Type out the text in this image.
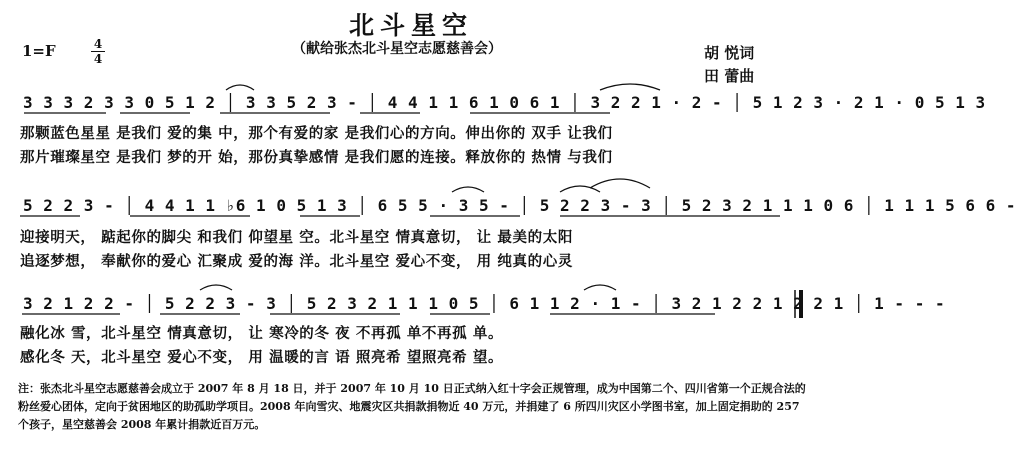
北斗星空
（献给张杰北斗星空志愿慈善会）
1=F	4
4	胡 悦词
田 蕾曲
3 3 3 2 3 3 0 5 1 2 │ 3 3 5 2 3 - │ 4 4 1 1 6 1 0 6 1 │ 3 2 2 1 · 2 - │ 5 1 2 3 · 2 1 · 0 5 1 3
那颗蓝色星星 是我们 爱的集 中，那个有爱的家 是我们心的方向。伸出你的 双手 让我们
那片璀璨星空 是我们 梦的开 始，那份真挚感情 是我们愿的连接。释放你的 热情 与我们
5 2 2 3 - │ 4 4 1 1 ♭6 1 0 5 1 3 │ 6 5 5 · 3 5 - │ 5 2 2 3 - 3 │ 5 2 3 2 1 1 1 0 6 │ 1 1 1 5 6 6 -
迎接明天， 踮起你的脚尖 和我们 仰望星 空。北斗星空 情真意切， 让 最美的太阳
追逐梦想， 奉献你的爱心 汇聚成 爱的海 洋。北斗星空 爱心不变， 用 纯真的心灵
3 2 1 2 2 - │ 5 2 2 3 - 3 │ 5 2 3 2 1 1 1 0 5 │ 6 1 1 2 · 1 - │ 3 2 1 2 2 1 2 2 1 │ 1 - - -
融化冰 雪，北斗星空 情真意切， 让 寒冷的冬 夜 不再孤 单不再孤 单。
感化冬 天，北斗星空 爱心不变， 用 温暖的言 语 照亮希 望照亮希 望。
注：张杰北斗星空志愿慈善会成立于 2007 年 8 月 18 日，并于 2007 年 10 月 10 日正式纳入红十字会正规管理，成为中国第二个、四川省第一个正规合法的粉丝爱心团体，定向于贫困地区的助孤助学项目。2008 年向雪灾、地震灾区共捐款捐物近 40 万元，并捐建了 6 所四川灾区小学图书室，加上固定捐助的 257 个孩子，星空慈善会 2008 年累计捐款近百万元。
